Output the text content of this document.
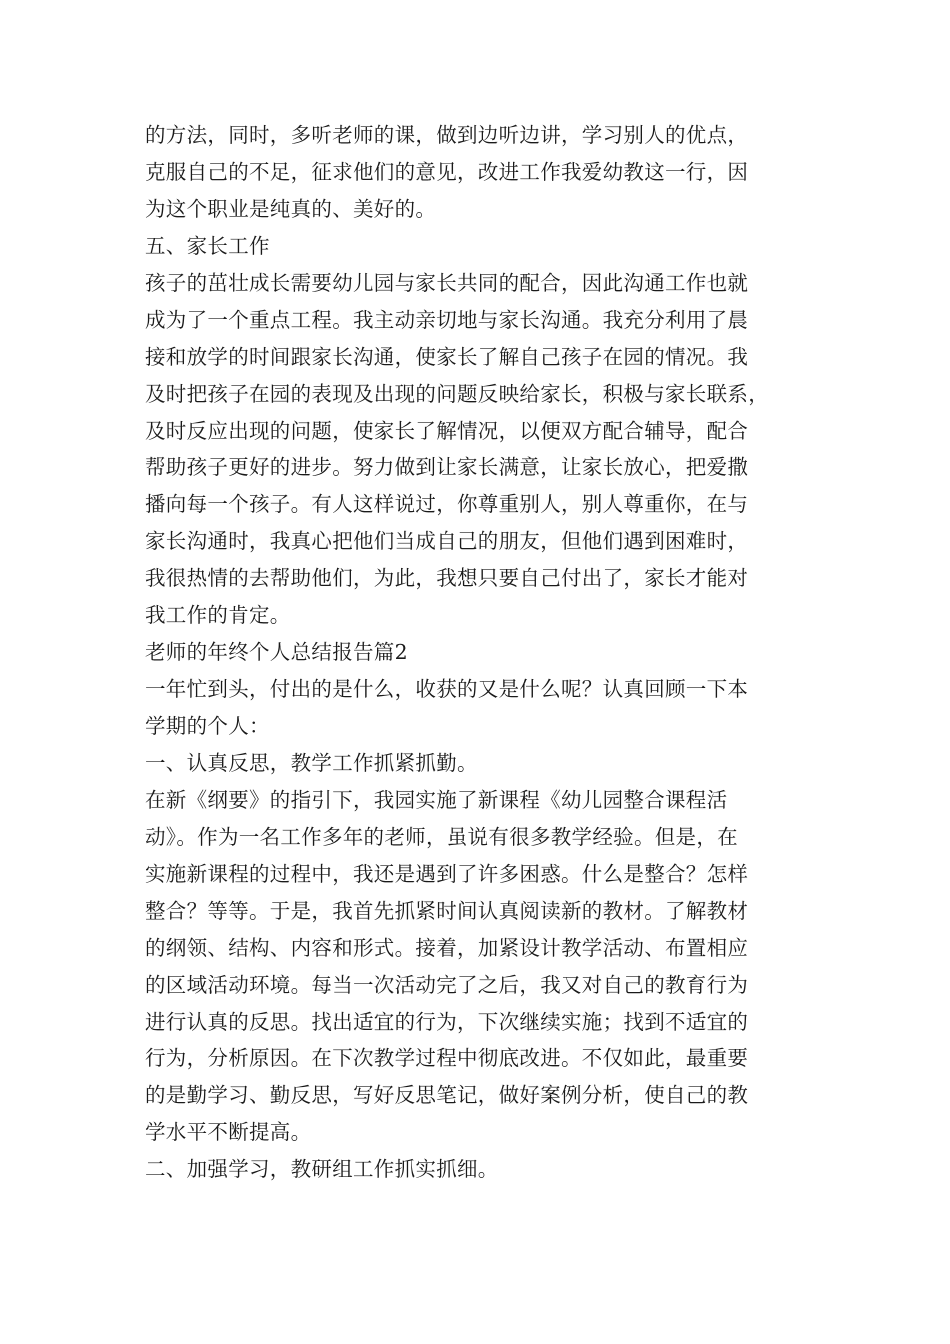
的方法，同时，多听老师的课，做到边听边讲，学习别人的优点，
克服自己的不足，征求他们的意见，改进工作我爱幼教这一行，因
为这个职业是纯真的、美好的。
五、家长工作
孩子的茁壮成长需要幼儿园与家长共同的配合，因此沟通工作也就
成为了一个重点工程。我主动亲切地与家长沟通。我充分利用了晨
接和放学的时间跟家长沟通，使家长了解自己孩子在园的情况。我
及时把孩子在园的表现及出现的问题反映给家长，积极与家长联系，
及时反应出现的问题，使家长了解情况，以便双方配合辅导，配合
帮助孩子更好的进步。努力做到让家长满意，让家长放心，把爱撒
播向每一个孩子。有人这样说过，你尊重别人，别人尊重你，在与
家长沟通时，我真心把他们当成自己的朋友，但他们遇到困难时，
我很热情的去帮助他们，为此，我想只要自己付出了，家长才能对
我工作的肯定。
老师的年终个人总结报告篇2
一年忙到头，付出的是什么，收获的又是什么呢？认真回顾一下本
学期的个人：
一、认真反思，教学工作抓紧抓勤。
在新《纲要》的指引下，我园实施了新课程《幼儿园整合课程活
动》。作为一名工作多年的老师，虽说有很多教学经验。但是，在
实施新课程的过程中，我还是遇到了许多困惑。什么是整合？怎样
整合？等等。于是，我首先抓紧时间认真阅读新的教材。了解教材
的纲领、结构、内容和形式。接着，加紧设计教学活动、布置相应
的区域活动环境。每当一次活动完了之后，我又对自己的教育行为
进行认真的反思。找出适宜的行为，下次继续实施；找到不适宜的
行为，分析原因。在下次教学过程中彻底改进。不仅如此，最重要
的是勤学习、勤反思，写好反思笔记，做好案例分析，使自己的教
学水平不断提高。
二、加强学习，教研组工作抓实抓细。
